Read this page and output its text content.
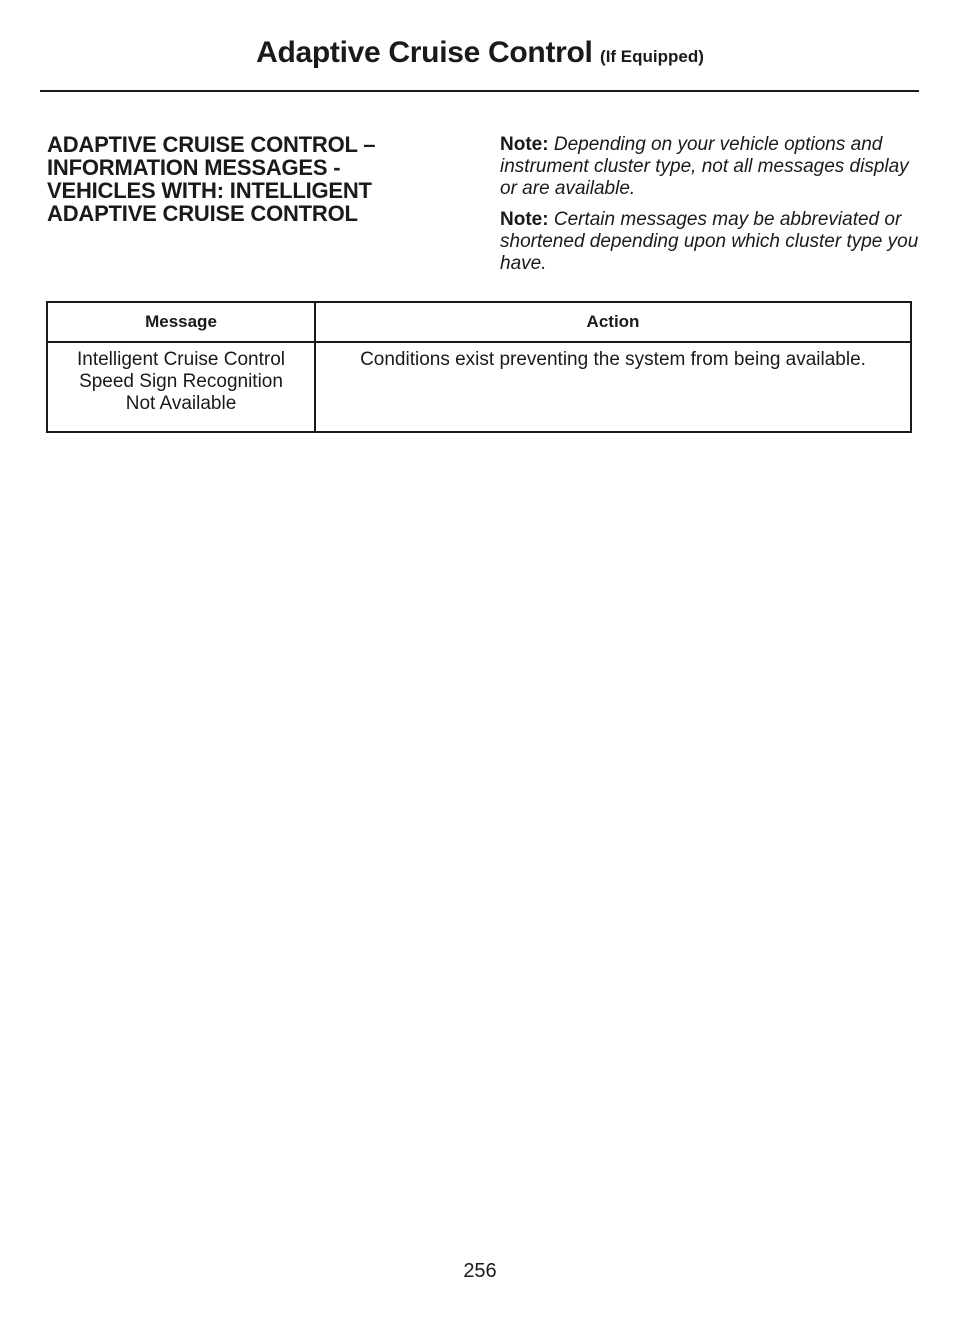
Adaptive Cruise Control (If Equipped)
ADAPTIVE CRUISE CONTROL – INFORMATION MESSAGES - VEHICLES WITH: INTELLIGENT ADAPTIVE CRUISE CONTROL

Note: Depending on your vehicle options and instrument cluster type, not all messages display or are available.

Note: Certain messages may be abbreviated or shortened depending upon which cluster type you have.

Message	Action

Intelligent Cruise Control
Speed Sign Recognition
Not Available	Conditions exist preventing the system from being available.
256
